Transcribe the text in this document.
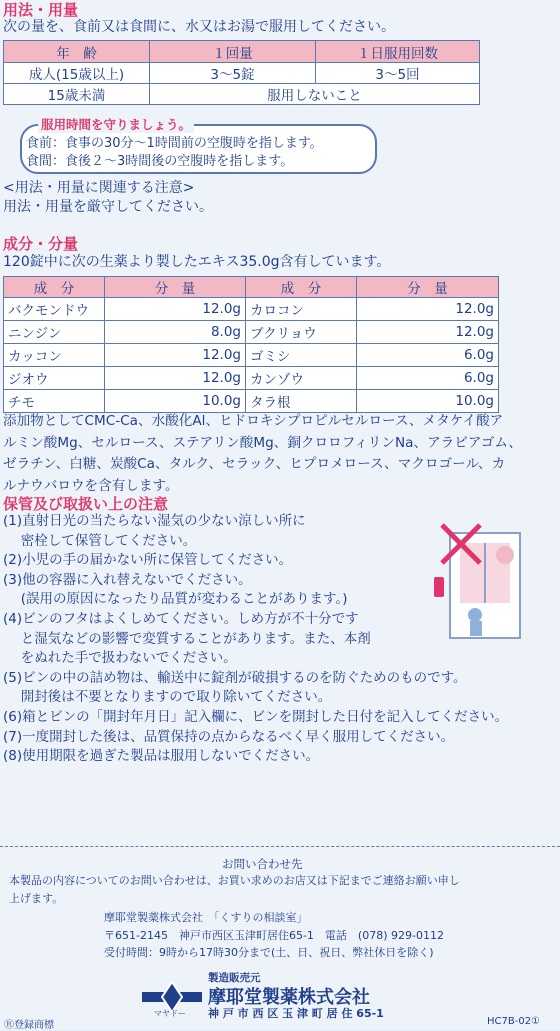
用法・用量
次の量を、食前又は食間に、水又はお湯で服用してください。
年　齢	１回量	１日服用回数
成人(15歳以上)	3～5錠	3～5回
15歳未満	服用しないこと	
服用時間を守りましょう。
食前：食事の30分～1時間前の空腹時を指します。
食間：食後２～3時間後の空腹時を指します。
<用法・用量に関連する注意>
用法・用量を厳守してください。
成分・分量
120錠中に次の生薬より製したエキス35.0g含有しています。
成　分	分　量	成　分	分　量
バクモンドウ	12.0g	カロコン	12.0g
ニンジン	8.0g	ブクリョウ	12.0g
カッコン	12.0g	ゴミシ	6.0g
ジオウ	12.0g	カンゾウ	6.0g
チモ	10.0g	タラ根	10.0g

添加物としてCMC-Ca、水酸化Al、ヒドロキシプロピルセルロース、メタケイ酸ア

ルミン酸Mg、セルロース、ステアリン酸Mg、銅クロロフィリンNa、アラビアゴム、

ゼラチン、白糖、炭酸Ca、タルク、セラック、ヒプロメロース、マクロゴール、カ

ルナウバロウを含有します。

保管及び取扱い上の注意

(1)直射日光の当たらない湿気の少ない涼しい所に

　 密栓して保管してください。

(2)小児の手の届かない所に保管してください。

(3)他の容器に入れ替えないでください。

　 (誤用の原因になったり品質が変わることがあります。)

(4)ビンのフタはよくしめてください。しめ方が不十分です

　 と湿気などの影響で変質することがあります。また、本剤

　 をぬれた手で扱わないでください。

(5)ビンの中の詰め物は、輸送中に錠剤が破損するのを防ぐためのものです。

　 開封後は不要となりますので取り除いてください。

(6)箱とビンの「開封年月日」記入欄に、ビンを開封した日付を記入してください。

(7)一度開封した後は、品質保持の点からなるべく早く服用してください。

(8)使用期限を過ぎた製品は服用しないでください。

お問い合わせ先
本製品の内容についてのお問い合わせは、お買い求めのお店又は下記までご連絡お願い申し
上げます。
摩耶堂製薬株式会社　「くすりの相談室」
〒651-2145　神戸市西区玉津町居住65-1　電話　(078) 929-0112
受付時間：9時から17時30分まで(土、日、祝日、弊社休日を除く)
製造販売元
摩耶堂製薬株式会社
神 戸 市 西 区 玉 津 町 居 住 65-1
マヤドー
Ⓡ登録商標	HC7B-02①
